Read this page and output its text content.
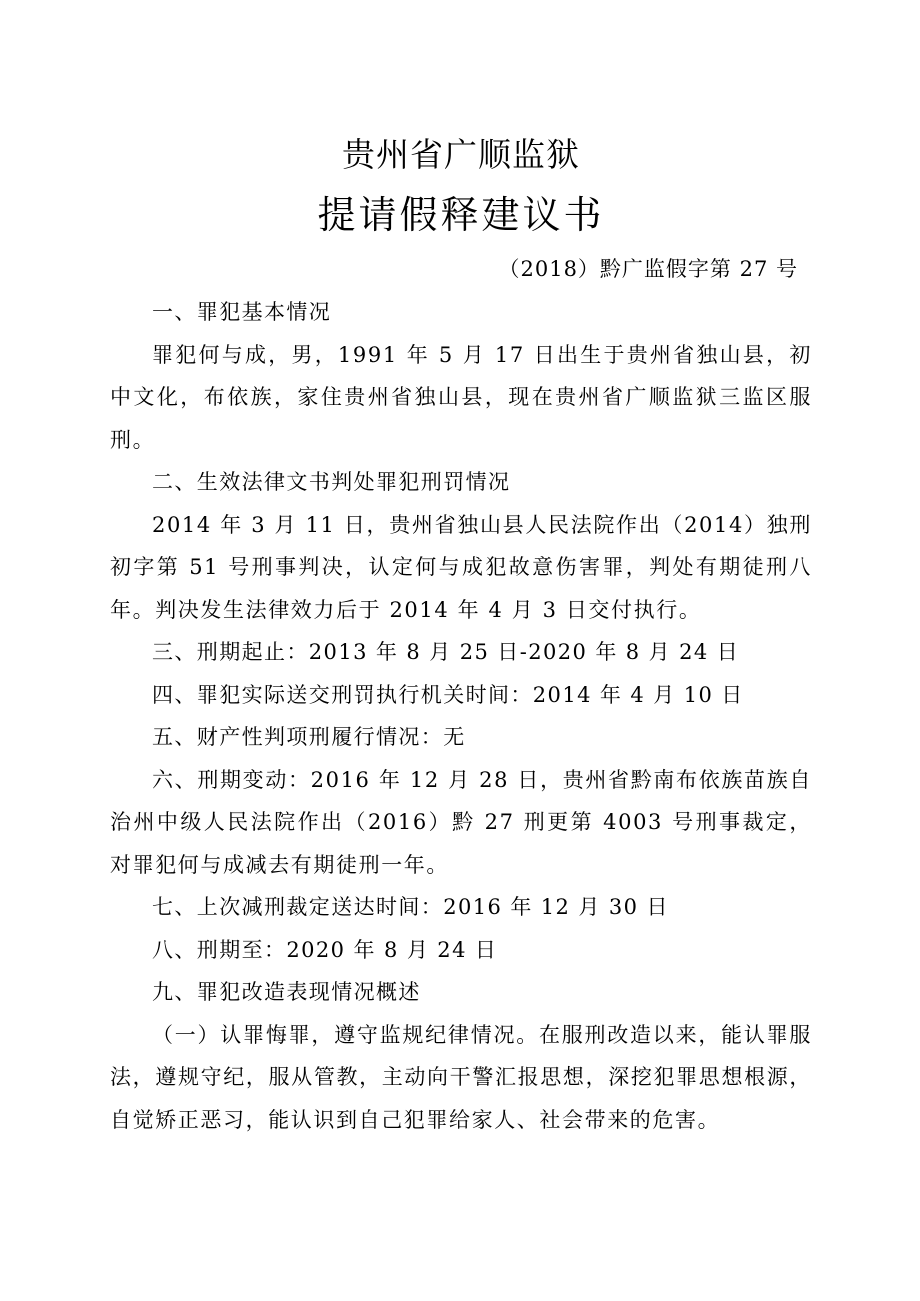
贵州省广顺监狱
提请假释建议书
（2018）黔广监假字第 27 号

一、罪犯基本情况

罪犯何与成，男，1991 年 5 月 17 日出生于贵州省独山县，初中文化，布依族，家住贵州省独山县，现在贵州省广顺监狱三监区服刑。

二、生效法律文书判处罪犯刑罚情况

2014 年 3 月 11 日，贵州省独山县人民法院作出（2014）独刑初字第 51 号刑事判决，认定何与成犯故意伤害罪，判处有期徒刑八年。判决发生法律效力后于 2014 年 4 月 3 日交付执行。

三、刑期起止：2013 年 8 月 25 日-2020 年 8 月 24 日

四、罪犯实际送交刑罚执行机关时间：2014 年 4 月 10 日

五、财产性判项刑履行情况：无

六、刑期变动：2016 年 12 月 28 日，贵州省黔南布依族苗族自治州中级人民法院作出（2016）黔 27 刑更第 4003 号刑事裁定，对罪犯何与成减去有期徒刑一年。

七、上次减刑裁定送达时间：2016 年 12 月 30 日

八、刑期至：2020 年 8 月 24 日

九、罪犯改造表现情况概述

（一）认罪悔罪，遵守监规纪律情况。在服刑改造以来，能认罪服法，遵规守纪，服从管教，主动向干警汇报思想，深挖犯罪思想根源，自觉矫正恶习，能认识到自己犯罪给家人、社会带来的危害。
